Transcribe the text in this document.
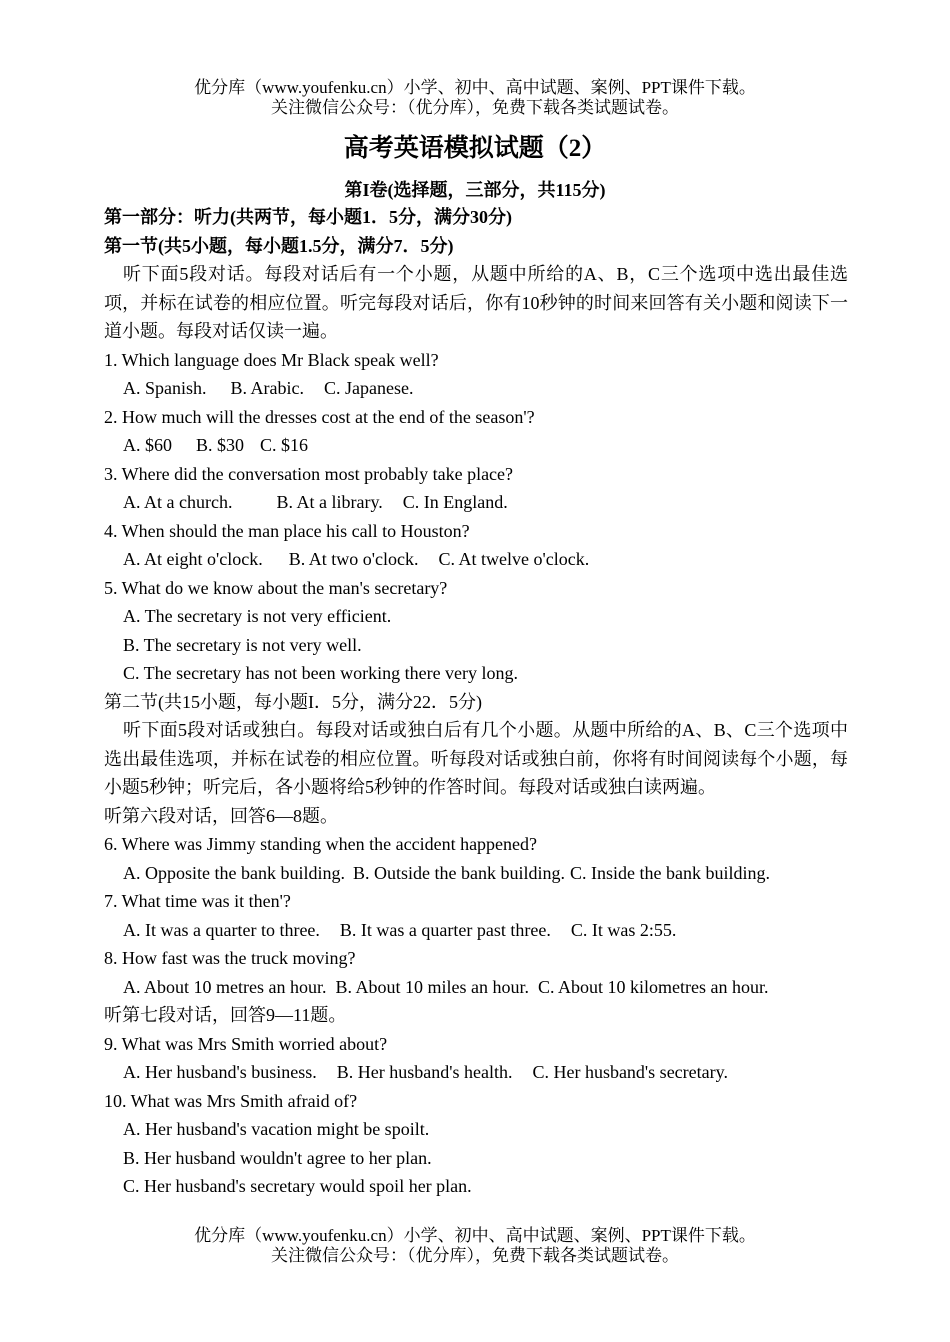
优分库（www.youfenku.cn）小学、初中、高中试题、案例、PPT课件下载。
关注微信公众号：（优分库），免费下载各类试题试卷。
高考英语模拟试题（2）
第I卷(选择题，三部分，共115分)

第一部分：听力(共两节，每小题1．5分，满分30分)

第一节(共5小题，每小题1.5分，满分7．5分)

听下面5段对话。每段对话后有一个小题，从题中所给的A、B，C三个选项中选出最佳选项，并标在试卷的相应位置。听完每段对话后，你有10秒钟的时间来回答有关小题和阅读下一道小题。每段对话仅读一遍。

1. Which language does Mr Black speak well?

A. Spanish. B. Arabic. C. Japanese.

2. How much will the dresses cost at the end of the season'?

A. $60 B. $30 C. $16

3. Where did the conversation most probably take place?

A. At a church. B. At a library. C. In England.

4. When should the man place his call to Houston?

A. At eight o'clock. B. At two o'clock. C. At twelve o'clock.

5. What do we know about the man's secretary?

A. The secretary is not very efficient.

B. The secretary is not very well.

C. The secretary has not been working there very long.

第二节(共15小题，每小题I．5分，满分22．5分)

听下面5段对话或独白。每段对话或独白后有几个小题。从题中所给的A、B、C三个选项中选出最佳选项，并标在试卷的相应位置。听每段对话或独白前，你将有时间阅读每个小题，每小题5秒钟；听完后，各小题将给5秒钟的作答时间。每段对话或独白读两遍。

听第六段对话，回答6—8题。

6. Where was Jimmy standing when the accident happened?

A. Opposite the bank building. B. Outside the bank building. C. Inside the bank building.

7. What time was it then'?

A. It was a quarter to three. B. It was a quarter past three. C. It was 2:55.

8. How fast was the truck moving?

A. About 10 metres an hour. B. About 10 miles an hour. C. About 10 kilometres an hour.

听第七段对话，回答9—11题。

9. What was Mrs Smith worried about?

A. Her husband's business. B. Her husband's health. C. Her husband's secretary.

10. What was Mrs Smith afraid of?

A. Her husband's vacation might be spoilt.

B. Her husband wouldn't agree to her plan.

C. Her husband's secretary would spoil her plan.

优分库（www.youfenku.cn）小学、初中、高中试题、案例、PPT课件下载。
关注微信公众号：（优分库），免费下载各类试题试卷。
